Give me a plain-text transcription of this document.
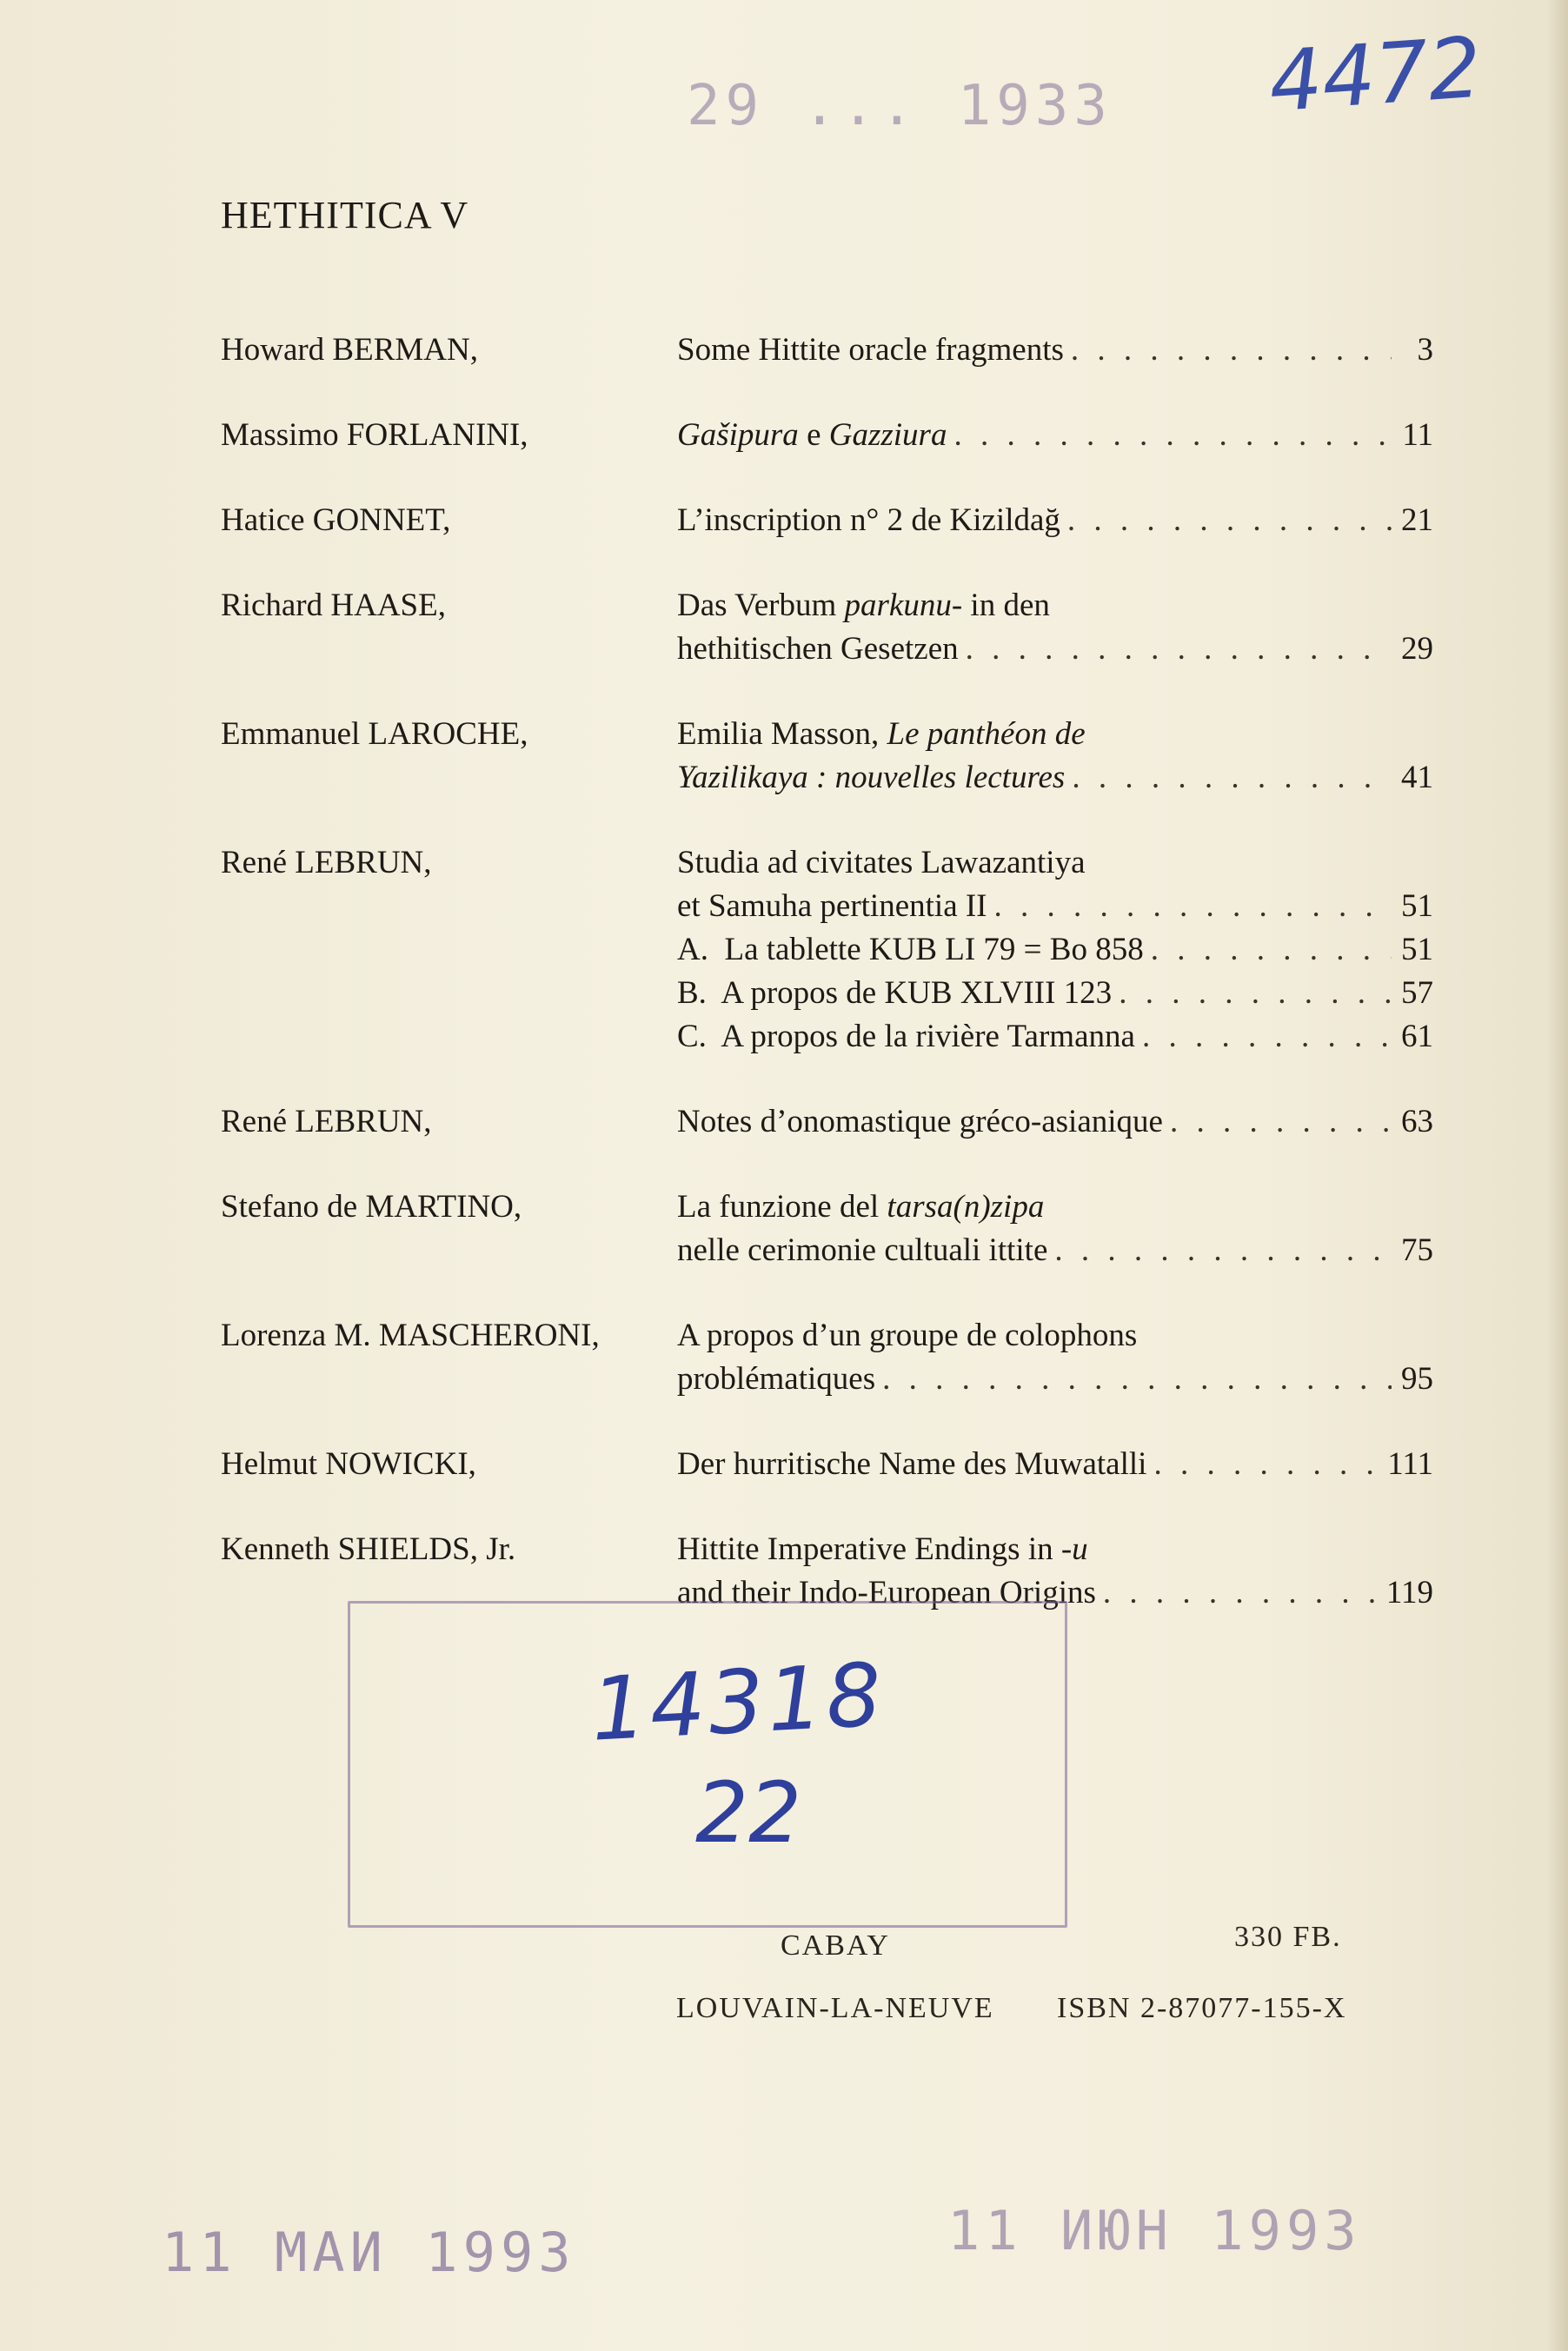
4472
29 ... 1933
HETHITICA V
Howard BERMAN,	Some Hittite oracle fragments . . .	3
Massimo FORLANINI,	Gašipura e Gazziura . . .	11
Hatice GONNET,	L’inscription n° 2 de Kizildağ . . .	21
Richard HAASE,	Das Verbum parkunu- in den
hethitischen Gesetzen . . .	29
Emmanuel LAROCHE,	Emilia Masson, Le panthéon de
Yazilikaya : nouvelles lectures . . .	41
René LEBRUN,	Studia ad civitates Lawazantiya
et Samuha pertinentia II . . .	51
A.  La tablette KUB LI 79 = Bo 858 . . .	51
B.  A propos de KUB XLVIII 123 . . .	57
C.  A propos de la rivière Tarmanna . . .	61
René LEBRUN,	Notes d’onomastique gréco-asianique . . .	63
Stefano de MARTINO,	La funzione del tarsa(n)zipa
nelle cerimonie cultuali ittite . . .	75
Lorenza M. MASCHERONI,	A propos d’un groupe de colophons
problématiques . . .	95
Helmut NOWICKI,	Der hurritische Name des Muwatalli . . .	111
Kenneth SHIELDS, Jr.	Hittite Imperative Endings in -u
and their Indo-European Origins . . .	119
14318
22
CABAY	330 FB.
LOUVAIN-LA-NEUVE ISBN 2-87077-155-X
11 МАИ 1993	11 ИЮН 1993
